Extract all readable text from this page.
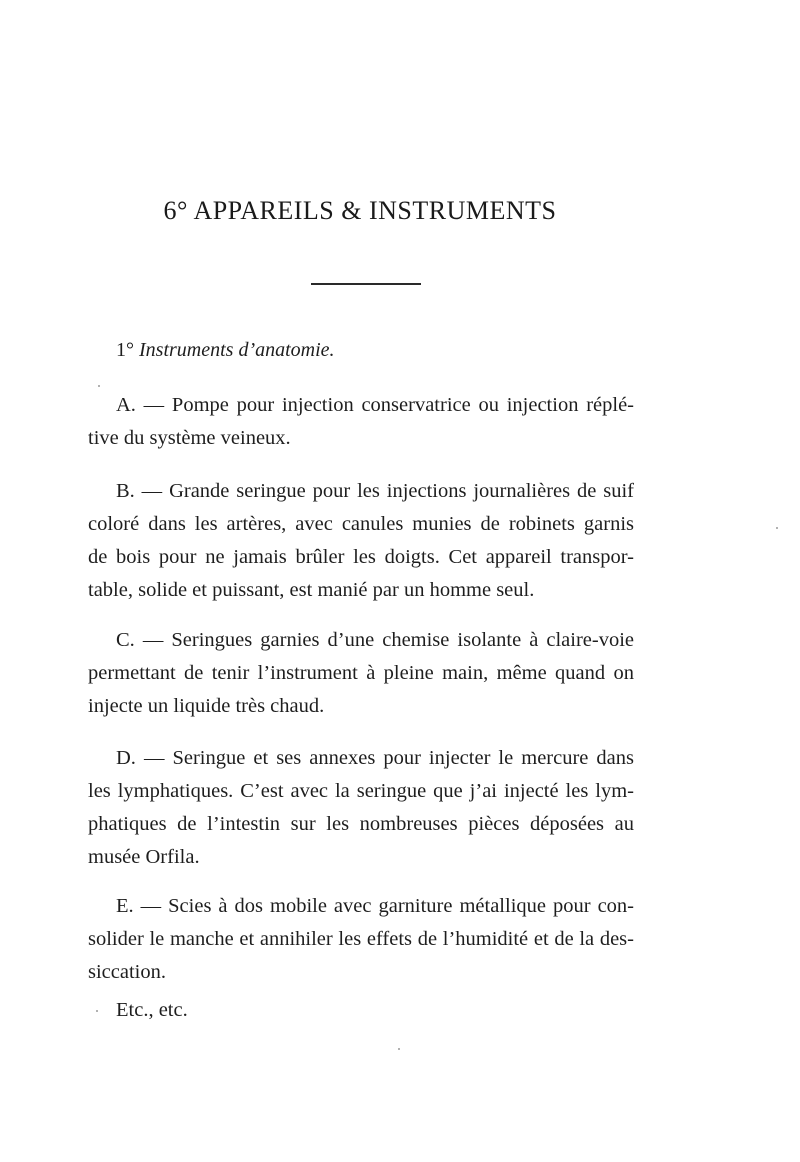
6° APPAREILS & INSTRUMENTS
1° Instruments d’anatomie.
A. — Pompe pour injection conservatrice ou injection réplé-
tive du système veineux.
B. — Grande seringue pour les injections journalières de suif
coloré dans les artères, avec canules munies de robinets garnis
de bois pour ne jamais brûler les doigts. Cet appareil transpor-
table, solide et puissant, est manié par un homme seul.
C. — Seringues garnies d’une chemise isolante à claire-voie
permettant de tenir l’instrument à pleine main, même quand on
injecte un liquide très chaud.
D. — Seringue et ses annexes pour injecter le mercure dans
les lymphatiques. C’est avec la seringue que j’ai injecté les lym-
phatiques de l’intestin sur les nombreuses pièces déposées au
musée Orfila.
E. — Scies à dos mobile avec garniture métallique pour con-
solider le manche et annihiler les effets de l’humidité et de la des-
siccation.
Etc., etc.
